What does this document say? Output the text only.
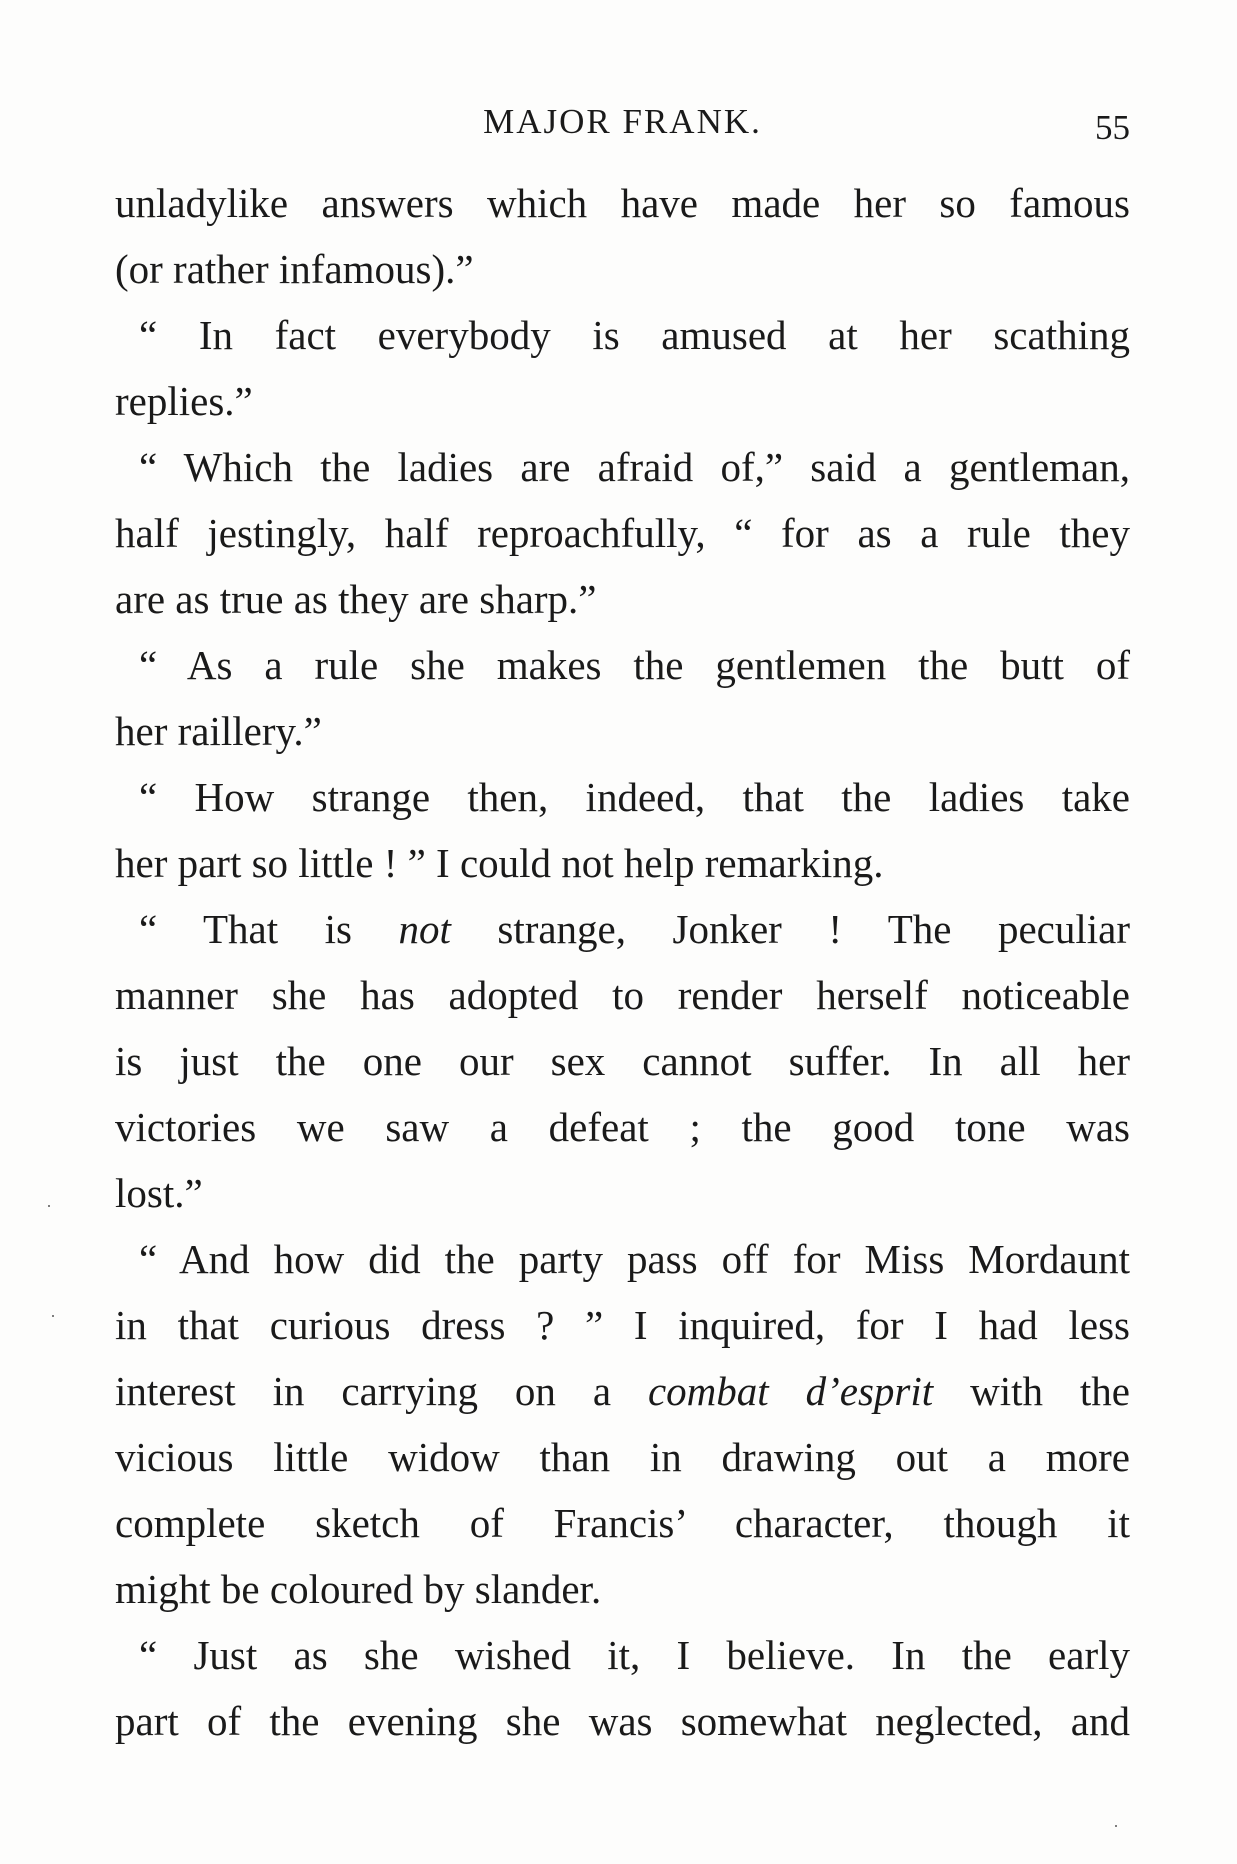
MAJOR FRANK.	55
unladylike answers which have made her so famous
(or rather infamous).”
“ In fact everybody is amused at her scathing
replies.”
“ Which the ladies are afraid of,” said a gentleman,
half jestingly, half reproachfully, “ for as a rule they
are as true as they are sharp.”
“ As a rule she makes the gentlemen the butt of
her raillery.”
“ How strange then, indeed, that the ladies take
her part so little ! ” I could not help remarking.
“ That is not strange, Jonker ! The peculiar
manner she has adopted to render herself noticeable
is just the one our sex cannot suffer. In all her
victories we saw a defeat ; the good tone was
lost.”
“ And how did the party pass off for Miss Mordaunt
in that curious dress ? ” I inquired, for I had less
interest in carrying on a combat d’esprit with the
vicious little widow than in drawing out a more
complete sketch of Francis’ character, though it
might be coloured by slander.
“ Just as she wished it, I believe. In the early
part of the evening she was somewhat neglected, and
